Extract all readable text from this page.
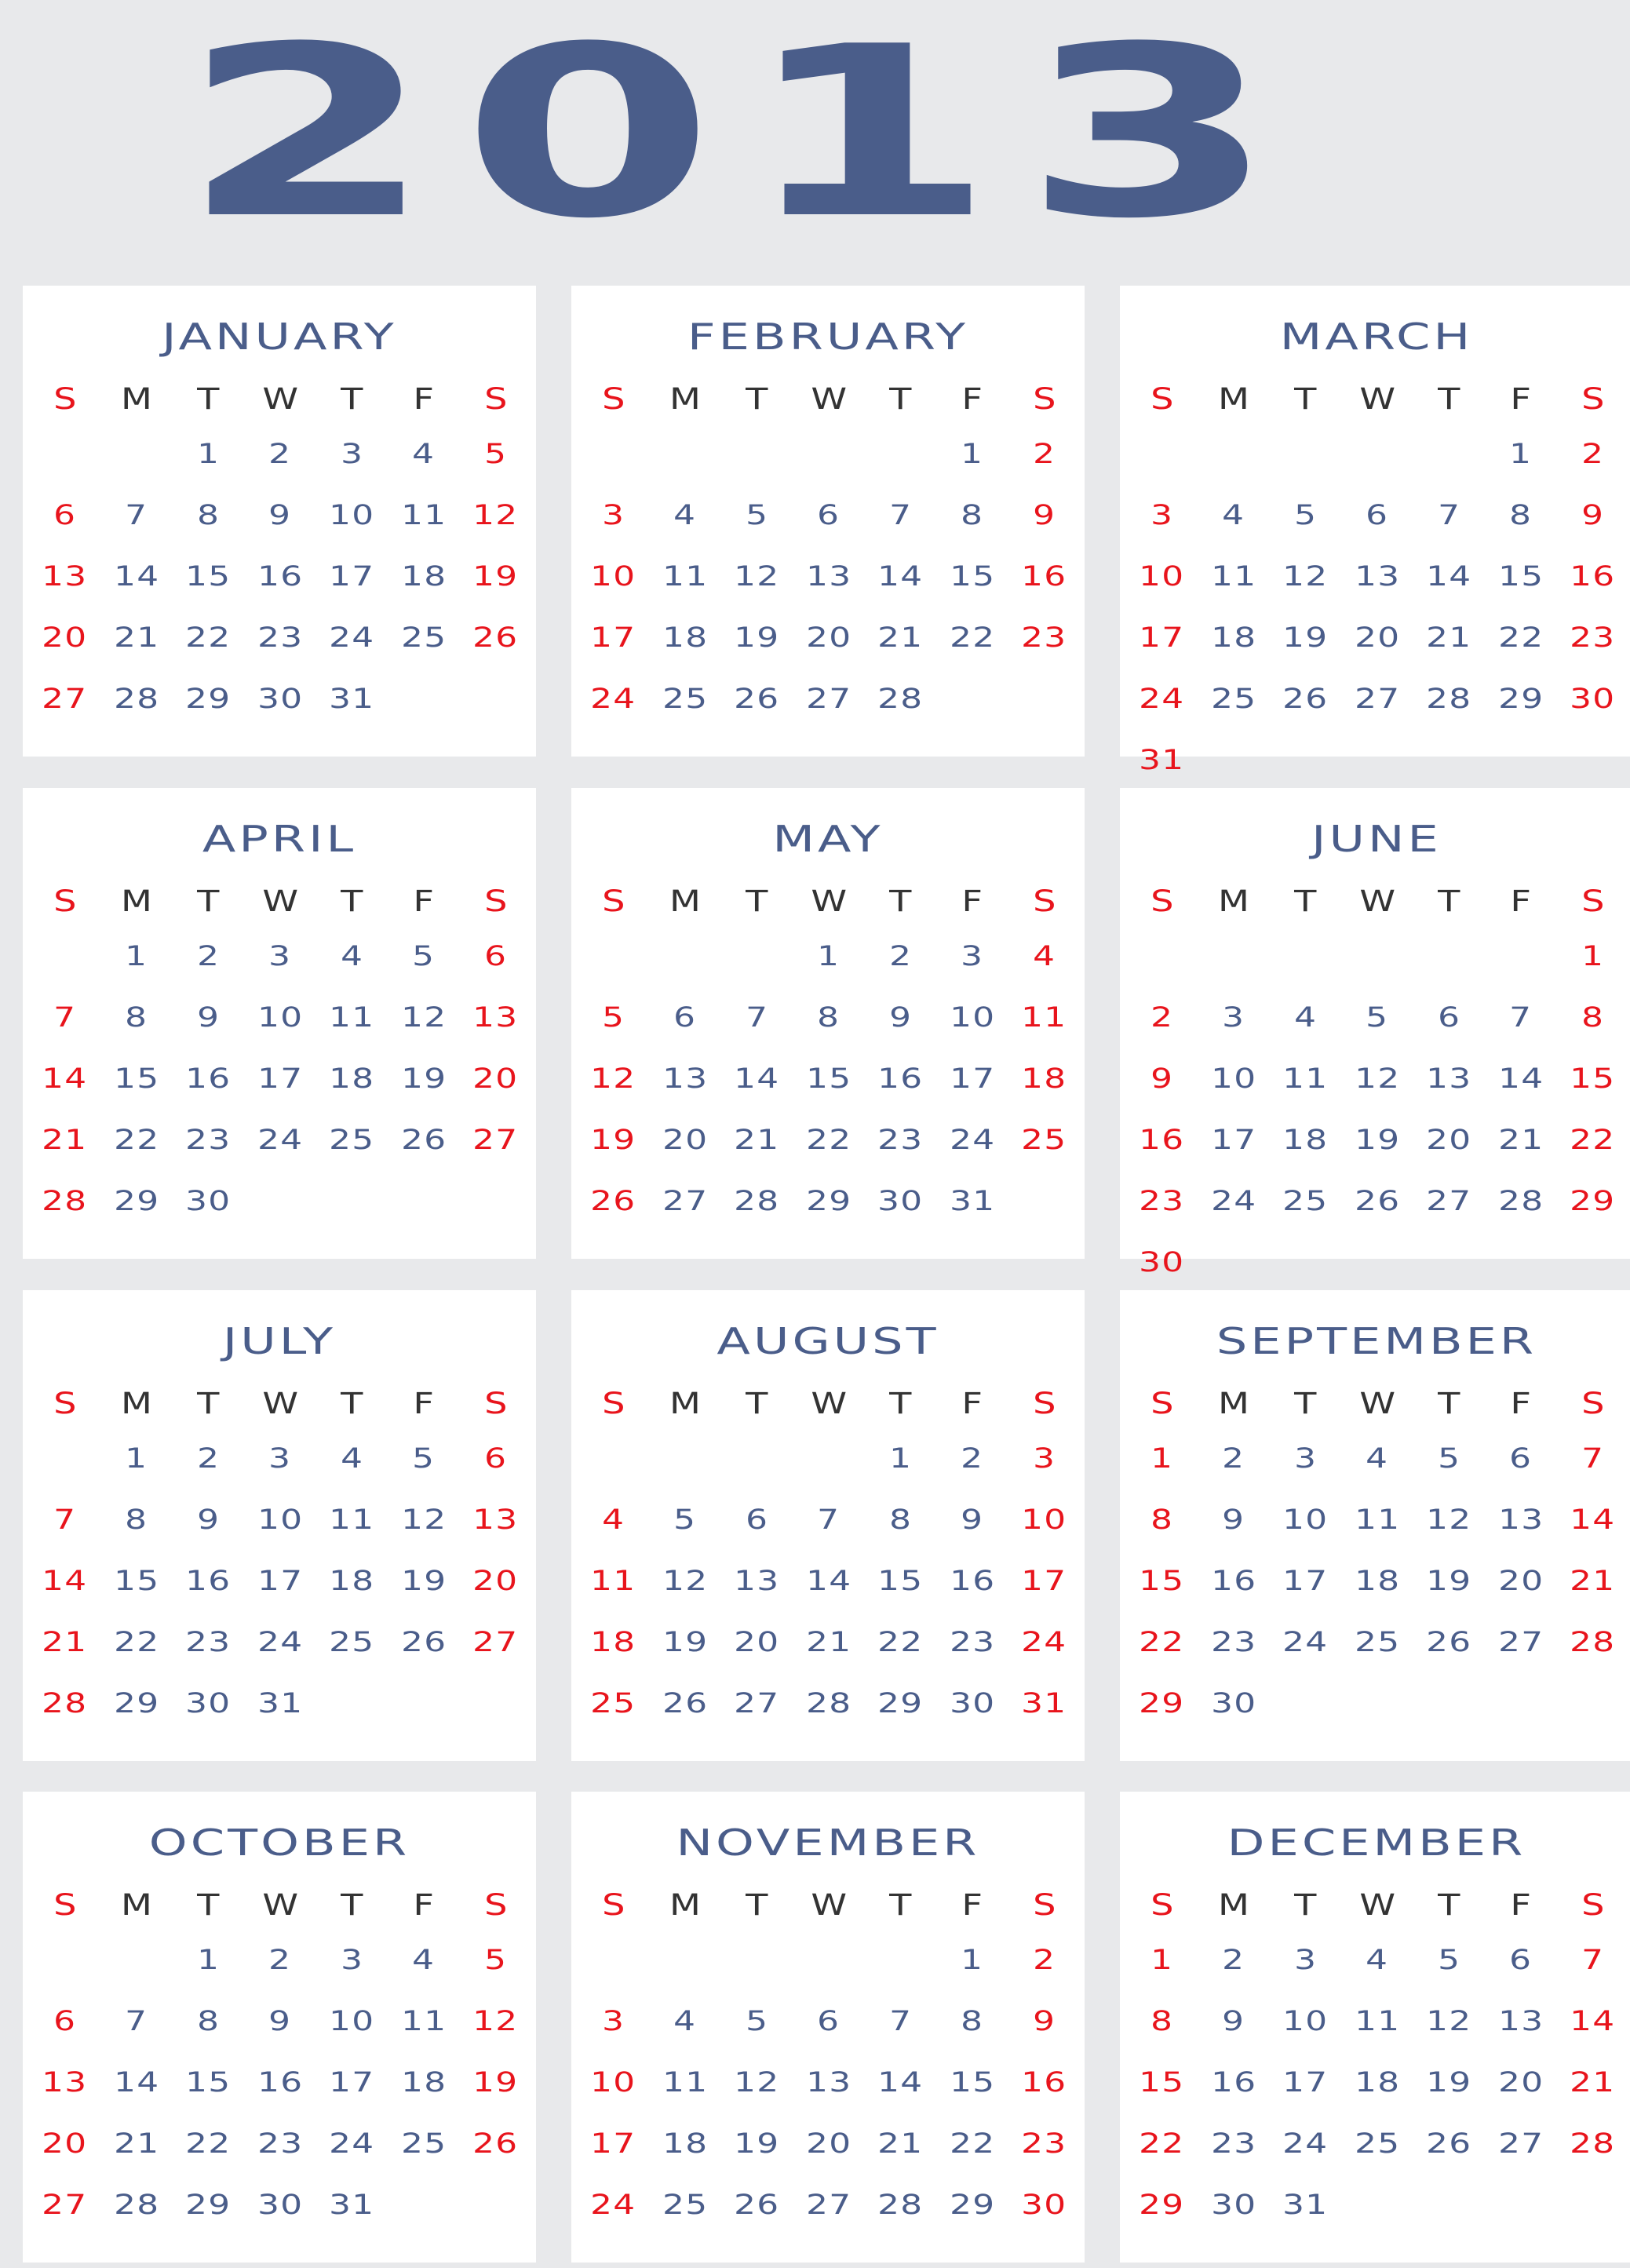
2013
JANUARY
S	M	T	W	T	F	S
		1	2	3	4	5
6	7	8	9	10	11	12
13	14	15	16	17	18	19
20	21	22	23	24	25	26
27	28	29	30	31		
FEBRUARY
S	M	T	W	T	F	S
					1	2
3	4	5	6	7	8	9
10	11	12	13	14	15	16
17	18	19	20	21	22	23
24	25	26	27	28		
MARCH
S	M	T	W	T	F	S
					1	2
3	4	5	6	7	8	9
10	11	12	13	14	15	16
17	18	19	20	21	22	23
24	25	26	27	28	29	30
31						
APRIL
S	M	T	W	T	F	S
	1	2	3	4	5	6
7	8	9	10	11	12	13
14	15	16	17	18	19	20
21	22	23	24	25	26	27
28	29	30				
MAY
S	M	T	W	T	F	S
			1	2	3	4
5	6	7	8	9	10	11
12	13	14	15	16	17	18
19	20	21	22	23	24	25
26	27	28	29	30	31	
JUNE
S	M	T	W	T	F	S
						1
2	3	4	5	6	7	8
9	10	11	12	13	14	15
16	17	18	19	20	21	22
23	24	25	26	27	28	29
30						
JULY
S	M	T	W	T	F	S
	1	2	3	4	5	6
7	8	9	10	11	12	13
14	15	16	17	18	19	20
21	22	23	24	25	26	27
28	29	30	31			
AUGUST
S	M	T	W	T	F	S
				1	2	3
4	5	6	7	8	9	10
11	12	13	14	15	16	17
18	19	20	21	22	23	24
25	26	27	28	29	30	31
SEPTEMBER
S	M	T	W	T	F	S
1	2	3	4	5	6	7
8	9	10	11	12	13	14
15	16	17	18	19	20	21
22	23	24	25	26	27	28
29	30					
OCTOBER
S	M	T	W	T	F	S
		1	2	3	4	5
6	7	8	9	10	11	12
13	14	15	16	17	18	19
20	21	22	23	24	25	26
27	28	29	30	31		
NOVEMBER
S	M	T	W	T	F	S
					1	2
3	4	5	6	7	8	9
10	11	12	13	14	15	16
17	18	19	20	21	22	23
24	25	26	27	28	29	30
DECEMBER
S	M	T	W	T	F	S
1	2	3	4	5	6	7
8	9	10	11	12	13	14
15	16	17	18	19	20	21
22	23	24	25	26	27	28
29	30	31				
